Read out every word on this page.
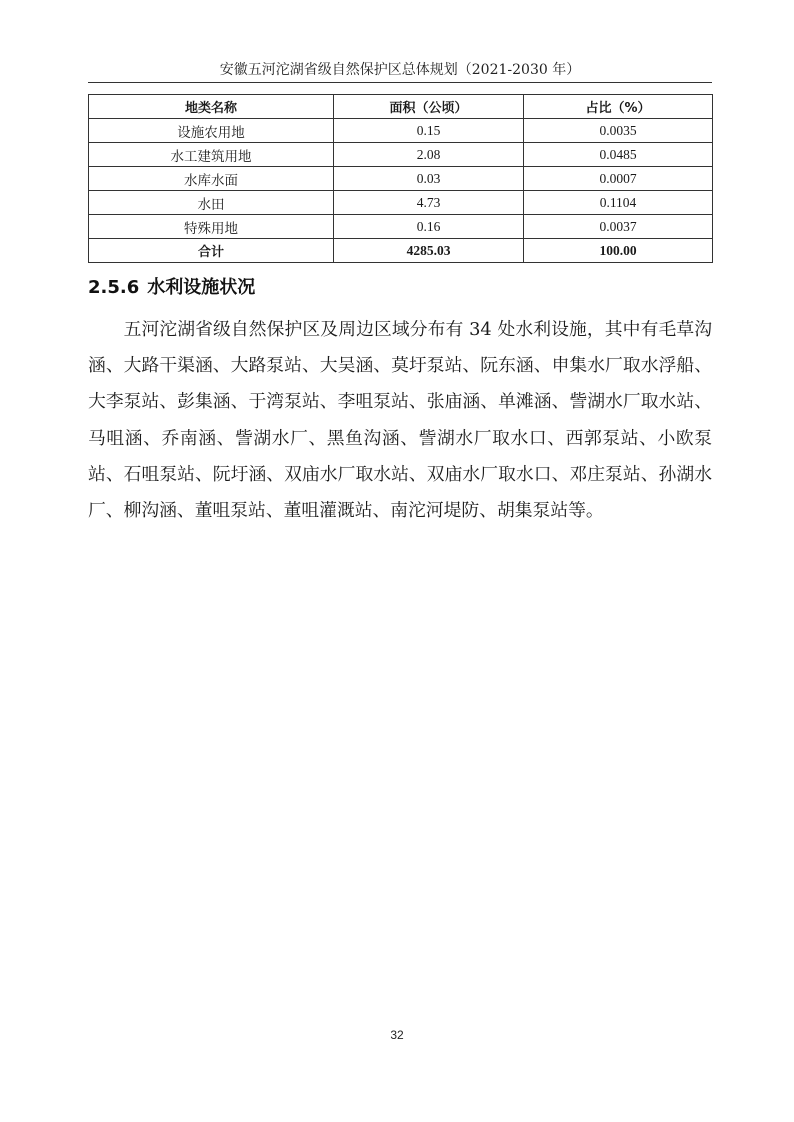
安徽五河沱湖省级自然保护区总体规划（2021-2030 年）
地类名称	面积（公顷）	占比（%）
设施农用地	0.15	0.0035
水工建筑用地	2.08	0.0485
水库水面	0.03	0.0007
水田	4.73	0.1104
特殊用地	0.16	0.0037
合计	4285.03	100.00
2.5.6 水利设施状况

五河沱湖省级自然保护区及周边区域分布有 34 处水利设施，其中有毛草沟涵、大路干渠涵、大路泵站、大吴涵、莫圩泵站、阮东涵、申集水厂取水浮船、大李泵站、彭集涵、于湾泵站、李咀泵站、张庙涵、单滩涵、訾湖水厂取水站、马咀涵、乔南涵、訾湖水厂、黑鱼沟涵、訾湖水厂取水口、西郭泵站、小欧泵站、石咀泵站、阮圩涵、双庙水厂取水站、双庙水厂取水口、邓庄泵站、孙湖水厂、柳沟涵、董咀泵站、董咀灌溉站、南沱河堤防、胡集泵站等。

32
